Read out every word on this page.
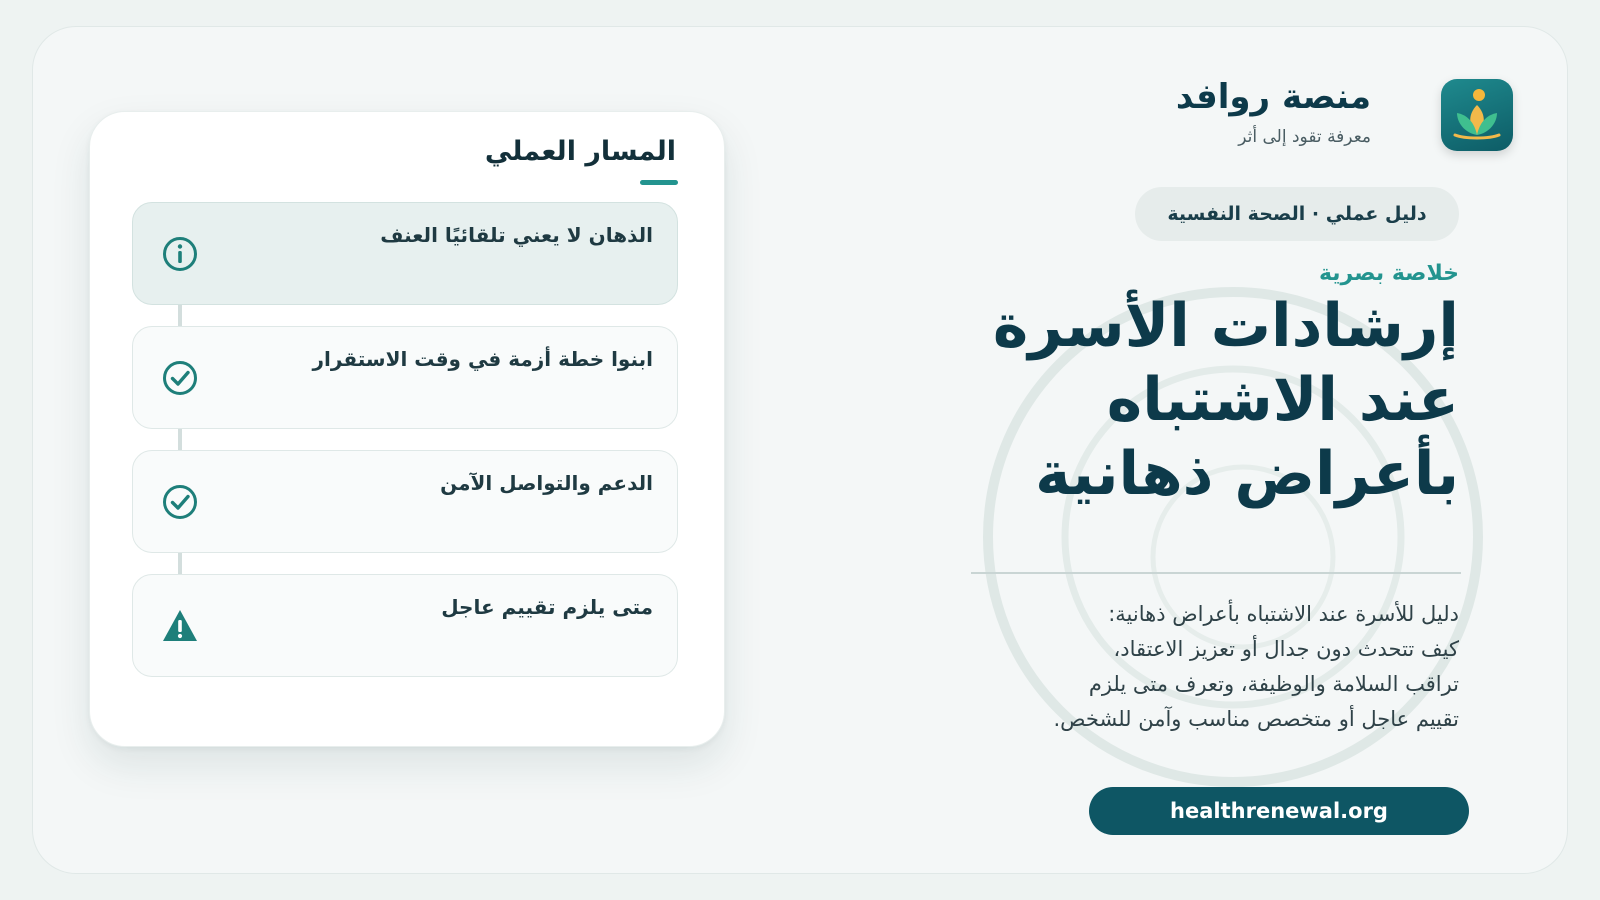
منصة روافد
معرفة تقود إلى أثر
دليل عملي · الصحة النفسية
خلاصة بصرية
إرشادات الأسرة
عند الاشتباه
بأعراض ذهانية
دليل للأسرة عند الاشتباه بأعراض ذهانية:
كيف تتحدث دون جدال أو تعزيز الاعتقاد،
تراقب السلامة والوظيفة، وتعرف متى يلزم
تقييم عاجل أو متخصص مناسب وآمن للشخص.
healthrenewal.org
المسار العملي
الذهان لا يعني تلقائيًا العنف
ابنوا خطة أزمة في وقت الاستقرار
الدعم والتواصل الآمن
متى يلزم تقييم عاجل
